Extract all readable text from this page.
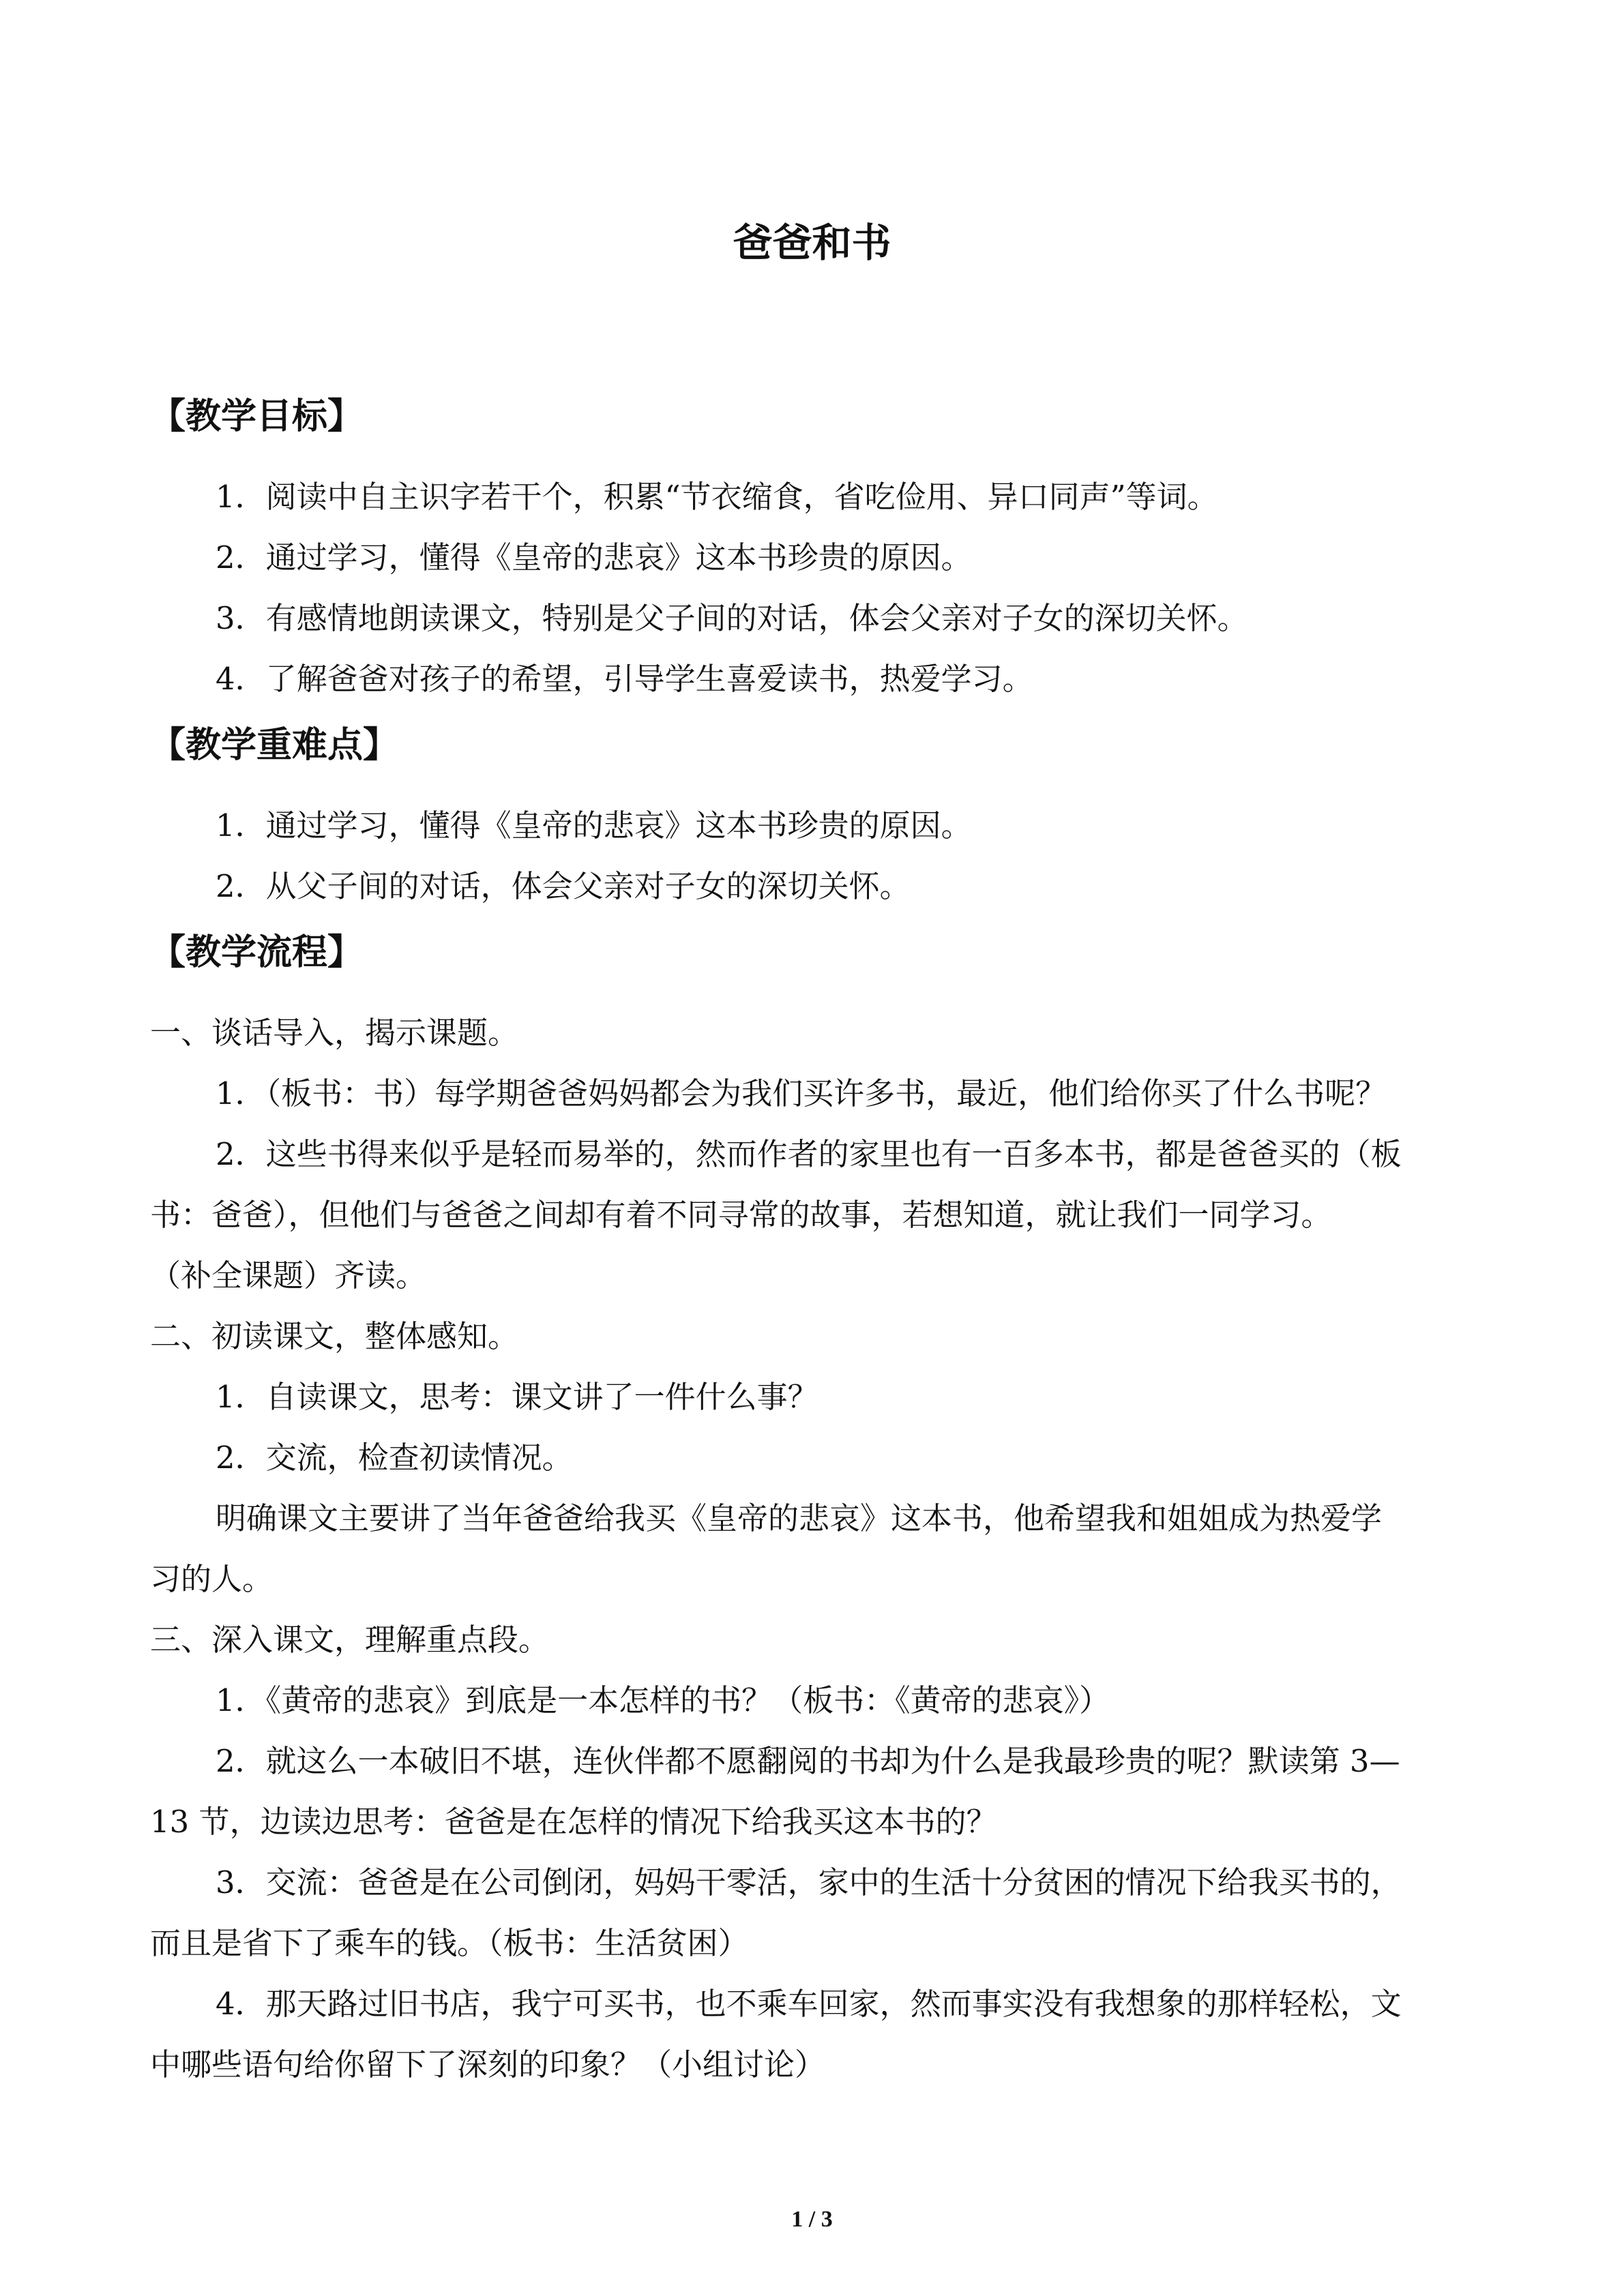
爸爸和书
【教学目标】
1．阅读中自主识字若干个，积累“节衣缩食，省吃俭用、异口同声”等词。
2．通过学习，懂得《皇帝的悲哀》这本书珍贵的原因。
3．有感情地朗读课文，特别是父子间的对话，体会父亲对子女的深切关怀。
4．了解爸爸对孩子的希望，引导学生喜爱读书，热爱学习。
【教学重难点】
1．通过学习，懂得《皇帝的悲哀》这本书珍贵的原因。
2．从父子间的对话，体会父亲对子女的深切关怀。
【教学流程】
一、谈话导入，揭示课题。
1．（板书：书）每学期爸爸妈妈都会为我们买许多书，最近，他们给你买了什么书呢？
2．这些书得来似乎是轻而易举的，然而作者的家里也有一百多本书，都是爸爸买的（板
书：爸爸），但他们与爸爸之间却有着不同寻常的故事，若想知道，就让我们一同学习。
（补全课题）齐读。
二、初读课文，整体感知。
1．自读课文，思考：课文讲了一件什么事？
2．交流，检查初读情况。
明确课文主要讲了当年爸爸给我买《皇帝的悲哀》这本书，他希望我和姐姐成为热爱学
习的人。
三、深入课文，理解重点段。
1．《黄帝的悲哀》到底是一本怎样的书？（板书：《黄帝的悲哀》）
2．就这么一本破旧不堪，连伙伴都不愿翻阅的书却为什么是我最珍贵的呢？默读第 3—
13 节，边读边思考：爸爸是在怎样的情况下给我买这本书的？
3．交流：爸爸是在公司倒闭，妈妈干零活，家中的生活十分贫困的情况下给我买书的，
而且是省下了乘车的钱。（板书：生活贫困）
4．那天路过旧书店，我宁可买书，也不乘车回家，然而事实没有我想象的那样轻松，文
中哪些语句给你留下了深刻的印象？（小组讨论）
1 / 3
